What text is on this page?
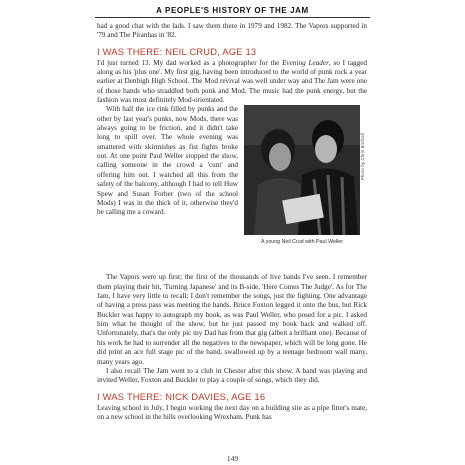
A PEOPLE'S HISTORY OF THE JAM

had a good chat with the lads. I saw them there in 1979 and 1982. The Vapors supported in '79 and The Piranhas in '82.

I WAS THERE: NEIL CRUD, AGE 13

I'd just turned 13. My dad worked as a photographer for the Evening Leader, so I tagged along as his 'plus one'. My first gig, having been introduced to the world of punk rock a year earlier at Denbigh High School. The Mod revival was well under way and The Jam were one of those bands who straddled both punk and Mod. The music had the punk energy, but the fashion was most definitely Mod-orientated.

Photo by Chris Birdsall
A young Neil Crud with Paul Weller

With half the ice rink filled by punks and the other by last year's punks, now Mods, there was always going to be friction, and it didn't take long to spill over. The whole evening was smattered with skirmishes as fist fights broke out. At one point Paul Weller stopped the show, calling someone in the crowd a 'cunt' and offering him out. I watched all this from the safety of the balcony, although I had to tell Huw Spew and Susan Forber (two of the school Mods) I was in the thick of it, otherwise they'd be calling me a coward.

The Vapors were up first; the first of the thousands of live bands I've seen. I remember them playing their hit, 'Turning Japanese' and its B-side, 'Here Comes The Judge'. As for The Jam, I have very little to recall; I don't remember the songs, just the fighting. One advantage of having a press pass was meeting the bands. Bruce Foxton legged it onto the bus, but Rick Buckler was happy to autograph my book, as was Paul Weller, who posed for a pic. I asked him what he thought of the show, but he just passed my book back and walked off. Unfortunately, that's the only pic my Dad has from that gig (albeit a brilliant one). Because of his work he had to surrender all the negatives to the newspaper, which will be long gone. He did print an ace full stage pic of the band, swallowed up by a teenage bedroom wall many, many years ago.

I also recall The Jam went to a club in Chester after this show. A band was playing and invited Weller, Foxton and Buckler to play a couple of songs, which they did.

I WAS THERE: NICK DAVIES, AGE 16

Leaving school in July, I begin working the next day on a building site as a pipe fitter's mate, on a new school in the hills overlooking Wrexham. Punk has

149
